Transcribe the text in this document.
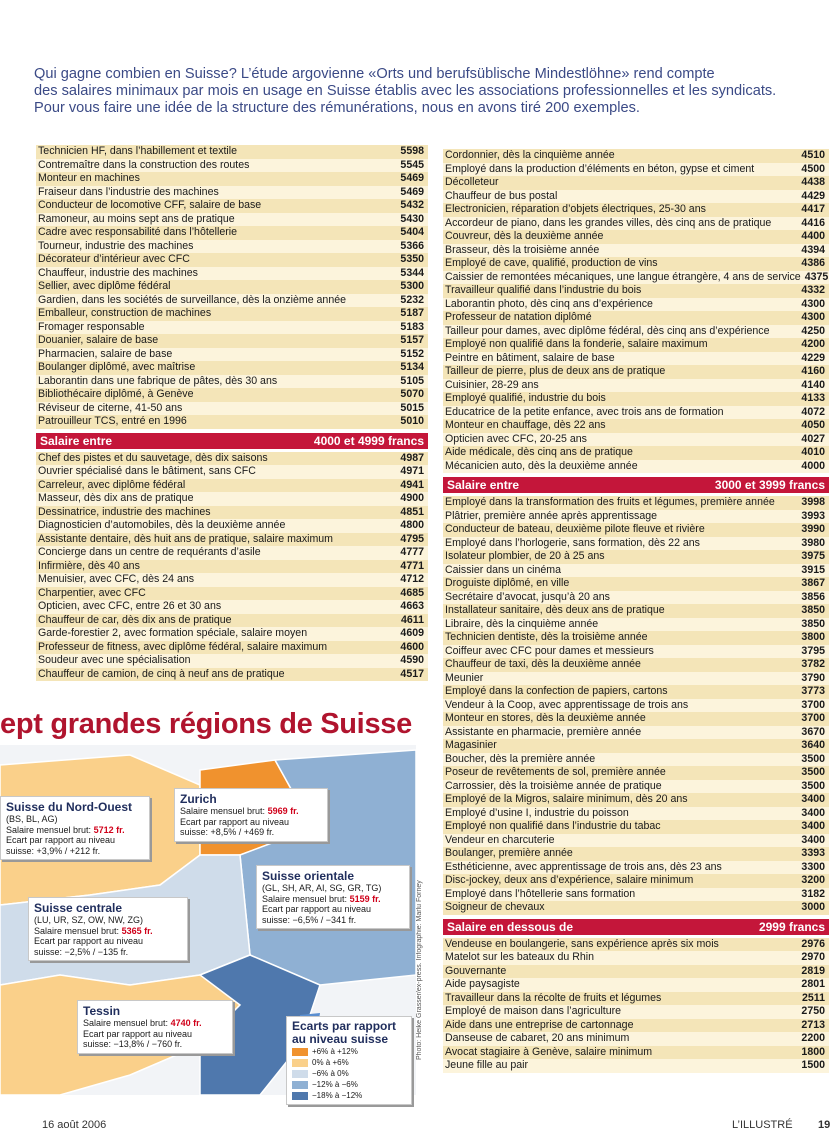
Qui gagne combien en Suisse? L’étude argovienne «Orts und berufsüblische Mindestlöhne» rend compte
des salaires minimaux par mois en usage en Suisse établis avec les associations professionnelles et les syndicats.
Pour vous faire une idée de la structure des rémunérations, nous en avons tiré 200 exemples.
Technicien HF, dans l’habillement et textile	5598
Contremaître dans la construction des routes	5545
Monteur en machines	5469
Fraiseur dans l’industrie des machines	5469
Conducteur de locomotive CFF, salaire de base	5432
Ramoneur, au moins sept ans de pratique	5430
Cadre avec responsabilité dans l’hôtellerie	5404
Tourneur, industrie des machines	5366
Décorateur d’intérieur avec CFC	5350
Chauffeur, industrie des machines	5344
Sellier, avec diplôme fédéral	5300
Gardien, dans les sociétés de surveillance, dès la onzième année	5232
Emballeur, construction de machines	5187
Fromager responsable	5183
Douanier, salaire de base	5157
Pharmacien, salaire de base	5152
Boulanger diplômé, avec maîtrise	5134
Laborantin dans une fabrique de pâtes, dès 30 ans	5105
Bibliothécaire diplômé, à Genève	5070
Réviseur de citerne, 41-50 ans	5015
Patrouilleur TCS, entré en 1996	5010
Salaire entre	4000 et 4999 francs
Chef des pistes et du sauvetage, dès dix saisons	4987
Ouvrier spécialisé dans le bâtiment, sans CFC	4971
Carreleur, avec diplôme fédéral	4941
Masseur, dès dix ans de pratique	4900
Dessinatrice, industrie des machines	4851
Diagnosticien d’automobiles, dès la deuxième année	4800
Assistante dentaire, dès huit ans de pratique, salaire maximum	4795
Concierge dans un centre de requérants d’asile	4777
Infirmière, dès 40 ans	4771
Menuisier, avec CFC, dès 24 ans	4712
Charpentier, avec CFC	4685
Opticien, avec CFC, entre 26 et 30 ans	4663
Chauffeur de car, dès dix ans de pratique	4611
Garde-forestier 2, avec formation spéciale, salaire moyen	4609
Professeur de fitness, avec diplôme fédéral, salaire maximum	4600
Soudeur avec une spécialisation	4590
Chauffeur de camion, de cinq à neuf ans de pratique	4517
Cordonnier, dès la cinquième année	4510
Employé dans la production d’éléments en béton, gypse et ciment	4500
Décolleteur	4438
Chauffeur de bus postal	4429
Electronicien, réparation d’objets électriques, 25-30 ans	4417
Accordeur de piano, dans les grandes villes, dès cinq ans de pratique	4416
Couvreur, dès la deuxième année	4400
Brasseur, dès la troisième année	4394
Employé de cave, qualifié, production de vins	4386
Caissier de remontées mécaniques, une langue étrangère, 4 ans de service 4375
Travailleur qualifié dans l’industrie du bois	4332
Laborantin photo, dès cinq ans d’expérience	4300
Professeur de natation diplômé	4300
Tailleur pour dames, avec diplôme fédéral, dès cinq ans d’expérience	4250
Employé non qualifié dans la fonderie, salaire maximum	4200
Peintre en bâtiment, salaire de base	4229
Tailleur de pierre, plus de deux ans de pratique	4160
Cuisinier, 28-29 ans	4140
Employé qualifié, industrie du bois	4133
Educatrice de la petite enfance, avec trois ans de formation	4072
Monteur en chauffage, dès 22 ans	4050
Opticien avec CFC, 20-25 ans	4027
Aide médicale, dès cinq ans de pratique	4010
Mécanicien auto, dès la deuxième année	4000
Salaire entre	3000 et 3999 francs
Employé dans la transformation des fruits et légumes, première année	3998
Plâtrier, première année après apprentissage	3993
Conducteur de bateau, deuxième pilote fleuve et rivière	3990
Employé dans l’horlogerie, sans formation, dès 22 ans	3980
Isolateur plombier, de 20 à 25 ans	3975
Caissier dans un cinéma	3915
Droguiste diplômé, en ville	3867
Secrétaire d’avocat, jusqu’à 20 ans	3856
Installateur sanitaire, dès deux ans de pratique	3850
Libraire, dès la cinquième année	3850
Technicien dentiste, dès la troisième année	3800
Coiffeur avec CFC pour dames et messieurs	3795
Chauffeur de taxi, dès la deuxième année	3782
Meunier	3790
Employé dans la confection de papiers, cartons	3773
Vendeur à la Coop, avec apprentissage de trois ans	3700
Monteur en stores, dès la deuxième année	3700
Assistante en pharmacie, première année	3670
Magasinier	3640
Boucher, dès la première année	3500
Poseur de revêtements de sol, première année	3500
Carrossier, dès la troisième année de pratique	3500
Employé de la Migros, salaire minimum, dès 20 ans	3400
Employé d’usine I, industrie du poisson	3400
Employé non qualifié dans l’industrie du tabac	3400
Vendeur en charcuterie	3400
Boulanger, première année	3393
Esthéticienne, avec apprentissage de trois ans, dès 23 ans	3300
Disc-jockey, deux ans d’expérience, salaire minimum	3200
Employé dans l’hôtellerie sans formation	3182
Soigneur de chevaux	3000
Salaire en dessous de	2999 francs
Vendeuse en boulangerie, sans expérience après six mois	2976
Matelot sur les bateaux du Rhin	2970
Gouvernante	2819
Aide paysagiste	2801
Travailleur dans la récolte de fruits et légumes	2511
Employé de maison dans l’agriculture	2750
Aide dans une entreprise de cartonnage	2713
Danseuse de cabaret, 20 ans minimum	2200
Avocat stagiaire à Genève, salaire minimum	1800
Jeune fille au pair	1500
ept grandes régions de Suisse
Suisse du Nord-Ouest
(BS, BL, AG)
Salaire mensuel brut: 5712 fr.
Ecart par rapport au niveau
suisse: +3,9% / +212 fr.
Zurich
Salaire mensuel brut: 5969 fr.
Ecart par rapport au niveau
suisse: +8,5% / +469 fr.
Suisse orientale
(GL, SH, AR, AI, SG, GR, TG)
Salaire mensuel brut: 5159 fr.
Ecart par rapport au niveau
suisse: −6,5% / −341 fr.
Suisse centrale
(LU, UR, SZ, OW, NW, ZG)
Salaire mensuel brut: 5365 fr.
Ecart par rapport au niveau
suisse: −2,5% / −135 fr.
Tessin
Salaire mensuel brut: 4740 fr.
Ecart par rapport au niveau
suisse: −13,8% / −760 fr.
Ecarts par rapport
au niveau suisse
+6% à +12%
0% à +6%
−6% à 0%
−12% à −6%
−18% à −12%
Photo: Heike Grasser/ex-press. Infographie: Marlu Forney
16 août 2006	L’ILLUSTRÉ 19
